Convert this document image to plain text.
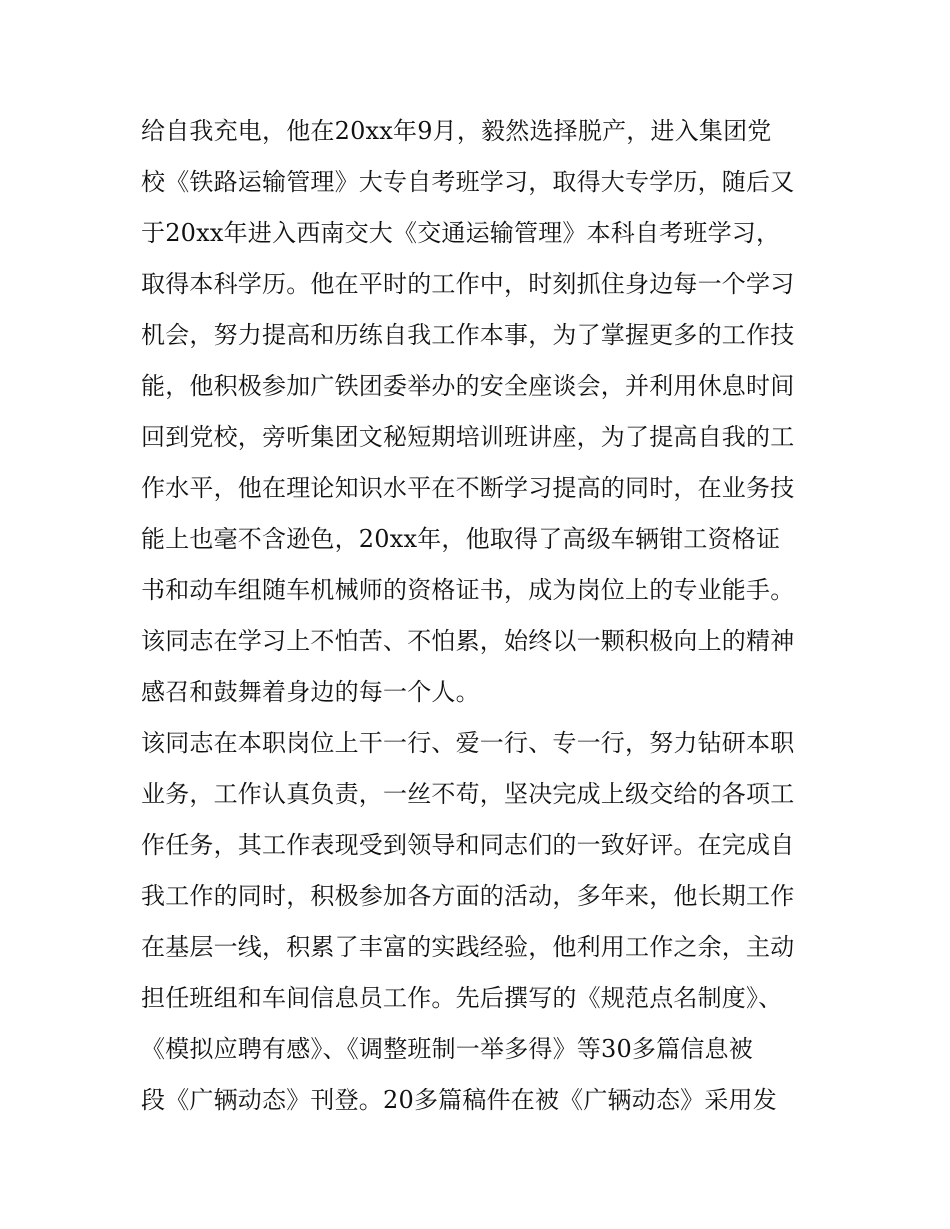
给自我充电，他在20xx年9月，毅然选择脱产，进入集团党
校《铁路运输管理》大专自考班学习，取得大专学历，随后又
于20xx年进入西南交大《交通运输管理》本科自考班学习，
取得本科学历。他在平时的工作中，时刻抓住身边每一个学习
机会，努力提高和历练自我工作本事，为了掌握更多的工作技
能，他积极参加广铁团委举办的安全座谈会，并利用休息时间
回到党校，旁听集团文秘短期培训班讲座，为了提高自我的工
作水平，他在理论知识水平在不断学习提高的同时，在业务技
能上也毫不含逊色，20xx年，他取得了高级车辆钳工资格证
书和动车组随车机械师的资格证书，成为岗位上的专业能手。
该同志在学习上不怕苦、不怕累，始终以一颗积极向上的精神
感召和鼓舞着身边的每一个人。
该同志在本职岗位上干一行、爱一行、专一行，努力钻研本职
业务，工作认真负责，一丝不苟，坚决完成上级交给的各项工
作任务，其工作表现受到领导和同志们的一致好评。在完成自
我工作的同时，积极参加各方面的活动，多年来，他长期工作
在基层一线，积累了丰富的实践经验，他利用工作之余，主动
担任班组和车间信息员工作。先后撰写的《规范点名制度》、
《模拟应聘有感》、《调整班制一举多得》等30多篇信息被
段《广辆动态》刊登。20多篇稿件在被《广辆动态》采用发
